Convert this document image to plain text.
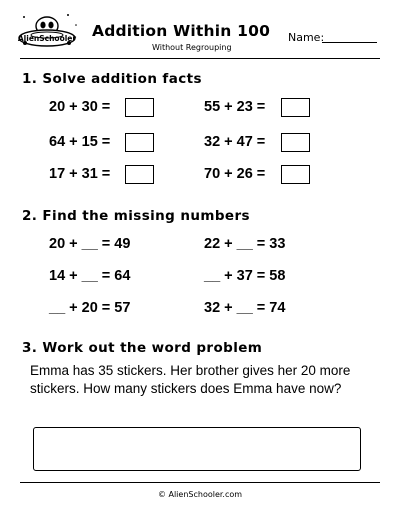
AlienSchooler Addition Within 100
Without Regrouping
Name:
1. Solve addition facts
20 + 30 =	55 + 23 =
64 + 15 =	32 + 47 =
17 + 31 =	70 + 26 =
2. Find the missing numbers
20 + __ = 49	22 + __ = 33
14 + __ = 64	__ + 37 = 58
__ + 20 = 57	32 + __ = 74
3. Work out the word problem
Emma has 35 stickers. Her brother gives her 20 more stickers. How many stickers does Emma have now?
© AlienSchooler.com
